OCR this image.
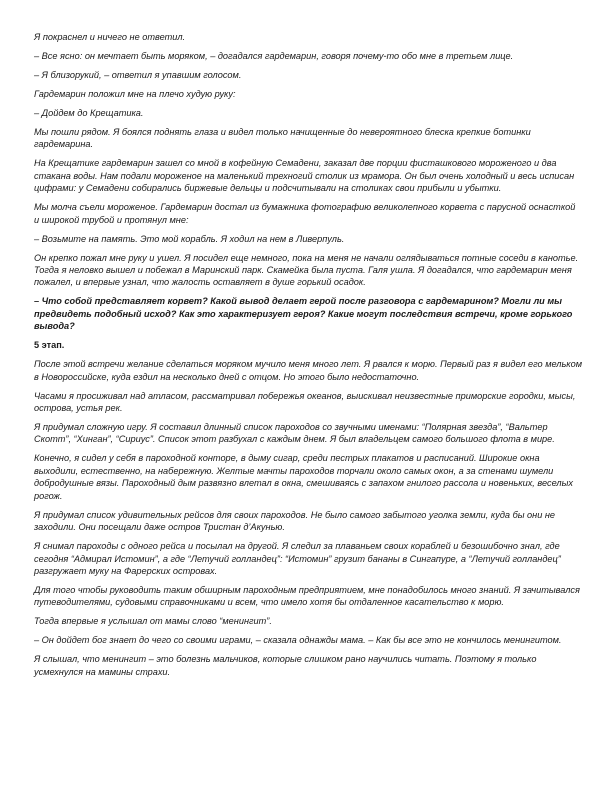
Я покраснел и ничего не ответил.

– Все ясно: он мечтает быть моряком, – догадался гардемарин, говоря почему-то обо мне в третьем лице.

– Я близорукий, – ответил я упавшим голосом.

Гардемарин положил мне на плечо худую руку:

– Дойдем до Крещатика.

Мы пошли рядом. Я боялся поднять глаза и видел только начищенные до невероятного блеска крепкие ботинки гардемарина.

На Крещатике гардемарин зашел со мной в кофейную Семадени, заказал две порции фисташкового мороженого и два стакана воды. Нам подали мороженое на маленький трехногий столик из мрамора. Он был очень холодный и весь исписан цифрами: у Семадени собирались биржевые дельцы и подсчитывали на столиках свои прибыли и убытки.

Мы молча съели мороженое. Гардемарин достал из бумажника фотографию великолепного корвета с парусной оснасткой и широкой трубой и протянул мне:

– Возьмите на память. Это мой корабль. Я ходил на нем в Ливерпуль.

Он крепко пожал мне руку и ушел. Я посидел еще немного, пока на меня не начали оглядываться потные соседи в канотье. Тогда я неловко вышел и побежал в Маринский парк. Скамейка была пуста. Галя ушла. Я догадался, что гардемарин меня пожалел, и впервые узнал, что жалость оставляет в душе горький осадок.

– Что собой представляет корвет? Какой вывод делает герой после разговора с гардемарином? Могли ли мы предвидеть подобный исход? Как это характеризует героя? Какие могут последствия встречи, кроме горького вывода?

5 этап.

После этой встречи желание сделаться моряком мучило меня много лет. Я рвался к морю. Первый раз я видел его мельком в Новороссийске, куда ездил на несколько дней с отцом. Но этого было недостаточно.

Часами я просиживал над атласом, рассматривал побережья океанов, выискивал неизвестные приморские городки, мысы, острова, устья рек.

Я придумал сложную игру. Я составил длинный список пароходов со звучными именами: “Полярная звезда”, “Вальтер Скотт”, “Хинган”, “Сириус”. Список этот разбухал с каждым днем. Я был владельцем самого большого флота в мире.

Конечно, я сидел у себя в пароходной конторе, в дыму сигар, среди пестрых плакатов и расписаний. Широкие окна выходили, естественно, на набережную. Желтые мачты пароходов торчали около самых окон, а за стенами шумели добродушные вязы. Пароходный дым развязно влетал в окна, смешиваясь с запахом гнилого рассола и новеньких, веселых рогож.

Я придумал список удивительных рейсов для своих пароходов. Не было самого забытого уголка земли, куда бы они не заходили. Они посещали даже остров Тристан д’Акунью.

Я снимал пароходы с одного рейса и посылал на другой. Я следил за плаваньем своих кораблей и безошибочно знал, где сегодня “Адмирал Истомин”, а где “Летучий голландец”: “Истомин” грузит бананы в Сингапуре, а “Летучий голландец” разгружает муку на Фарерских островах.

Для того чтобы руководить таким обширным пароходным предприятием, мне понадобилось много знаний. Я зачитывался путеводителями, судовыми справочниками и всем, что имело хотя бы отдаленное касательство к морю.

Тогда впервые я услышал от мамы слово “менингит”.

– Он дойдет бог знает до чего со своими играми, – сказала однажды мама. – Как бы все это не кончилось менингитом.

Я слышал, что менингит – это болезнь мальчиков, которые слишком рано научились читать. Поэтому я только усмехнулся на мамины страхи.
